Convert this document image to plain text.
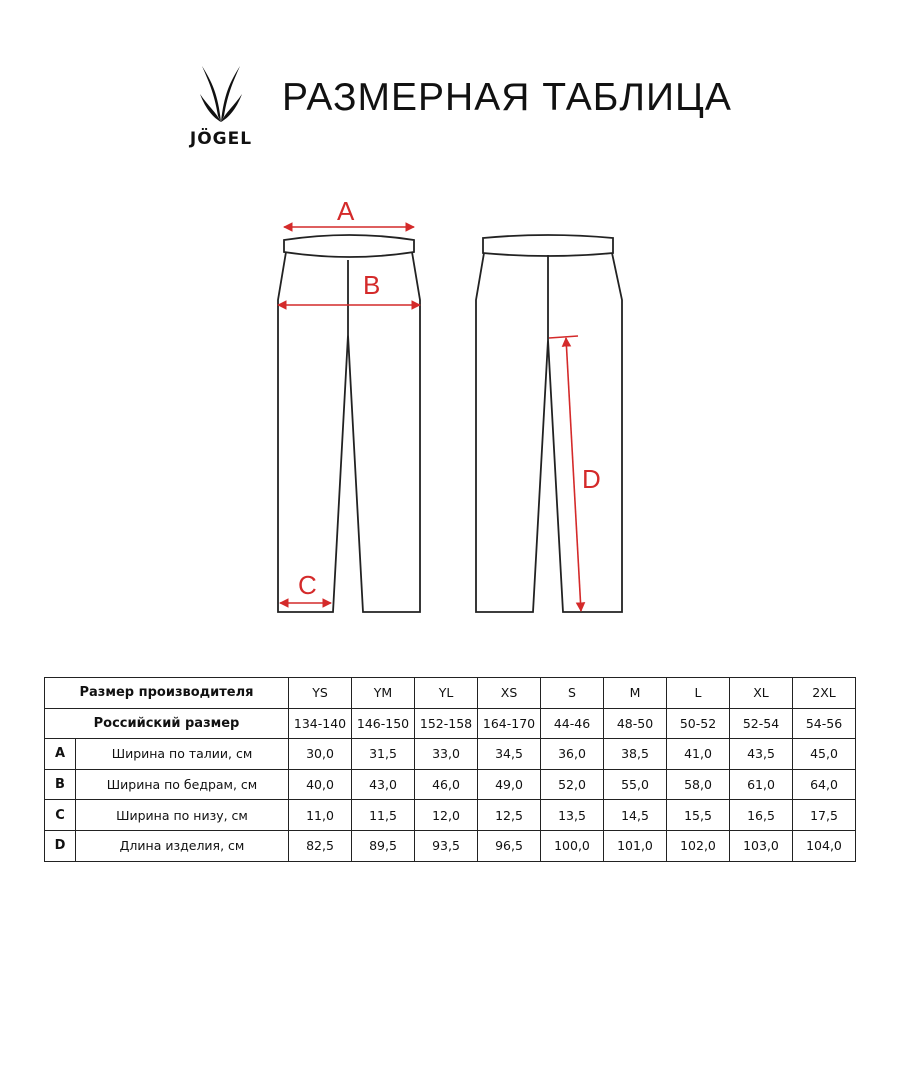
JÖGEL
РАЗМЕРНАЯ ТАБЛИЦА
A
B
C
D
Размер производителя		YS	YM	YL	XS	S	M	L	XL	2XL
Российский размер		134-140	146-150	152-158	164-170	44-46	48-50	50-52	52-54	54-56
A	Ширина по талии, см	30,0	31,5	33,0	34,5	36,0	38,5	41,0	43,5	45,0
B	Ширина по бедрам, см	40,0	43,0	46,0	49,0	52,0	55,0	58,0	61,0	64,0
C	Ширина по низу, см	11,0	11,5	12,0	12,5	13,5	14,5	15,5	16,5	17,5
D	Длина изделия, см	82,5	89,5	93,5	96,5	100,0	101,0	102,0	103,0	104,0
